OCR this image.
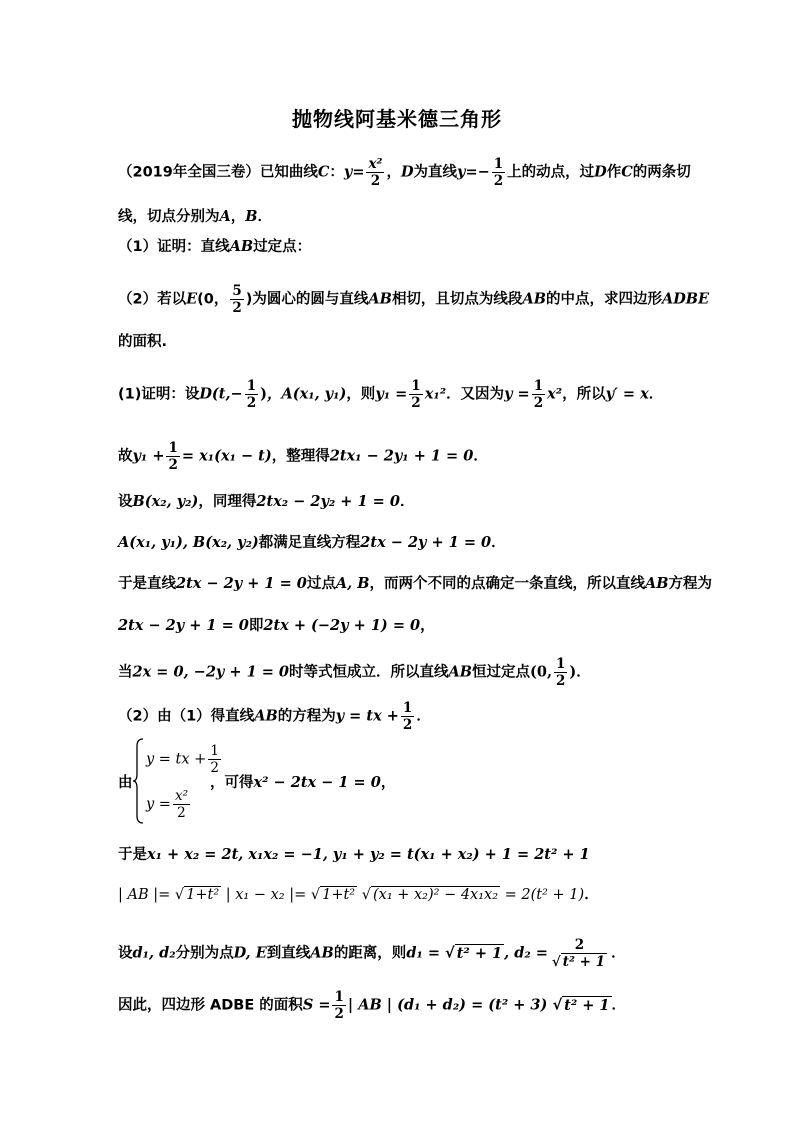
抛物线阿基米德三角形
（2019年全国三卷）已知曲线C：$y= \frac{\text{x²}}{2}$ ，D为直线$y=- \frac{1}{2}$ 上的动点，过D作C的两条切
线，切点分别为A，B．
（1）证明：直线AB过定点：
（2）若以E(0， $\frac{5}{2}$ )为圆心的圆与直线AB相切，且切点为线段AB的中点，求四边形ADBE
的面积.
(1)证明：设$D(t,- \frac{1}{2}$ )，A(x₁, y₁)，则$y_1 = \frac{1}{2} x_1^2$．又因为$y = \frac{1}{2} x^2$，所以y′ = x．
故$y_1 + \frac{1}{2} = x_1(x_1 - t)$，整理得2tx₁ − 2y₁ + 1 = 0．
设B(x₂, y₂)，同理得2tx₂ − 2y₂ + 1 = 0．
A(x₁, y₁), B(x₂, y₂)都满足直线方程2tx − 2y + 1 = 0．
于是直线2tx − 2y + 1 = 0过点A, B，而两个不同的点确定一条直线，所以直线AB方程为
2tx − 2y + 1 = 0即2tx + (−2y + 1) = 0，
当2x = 0, −2y + 1 = 0时等式恒成立．所以直线AB恒过定点(0, $\frac{1}{2}$ )．
（2）由（1）得直线AB的方程为y = tx + $\frac{1}{2}$ ．
由
y = tx + $\frac{1}{2}$
$y = \frac{\text{x²}}{2}$
，可得x² − 2tx − 1 = 0，
于是x₁ + x₂ = 2t, x₁x₂ = −1, y₁ + y₂ = t(x₁ + x₂) + 1 = 2t² + 1
| AB |= √ 1+t² | x₁ − x₂ |= √ 1+t² √ (x₁ + x₂)² − 4x₁x₂ = 2(t² + 1)．
设d₁, d₂分别为点D, E到直线AB的距离，则d₁ = √ t² + 1 , $d_2 = \frac{2}{\text{√ t² + 1}}$ ．
因此，四边形 ADBE 的面积$S = \frac{1}{2}$ | AB | (d₁ + d₂) = (t² + 3) √ t² + 1 ．
